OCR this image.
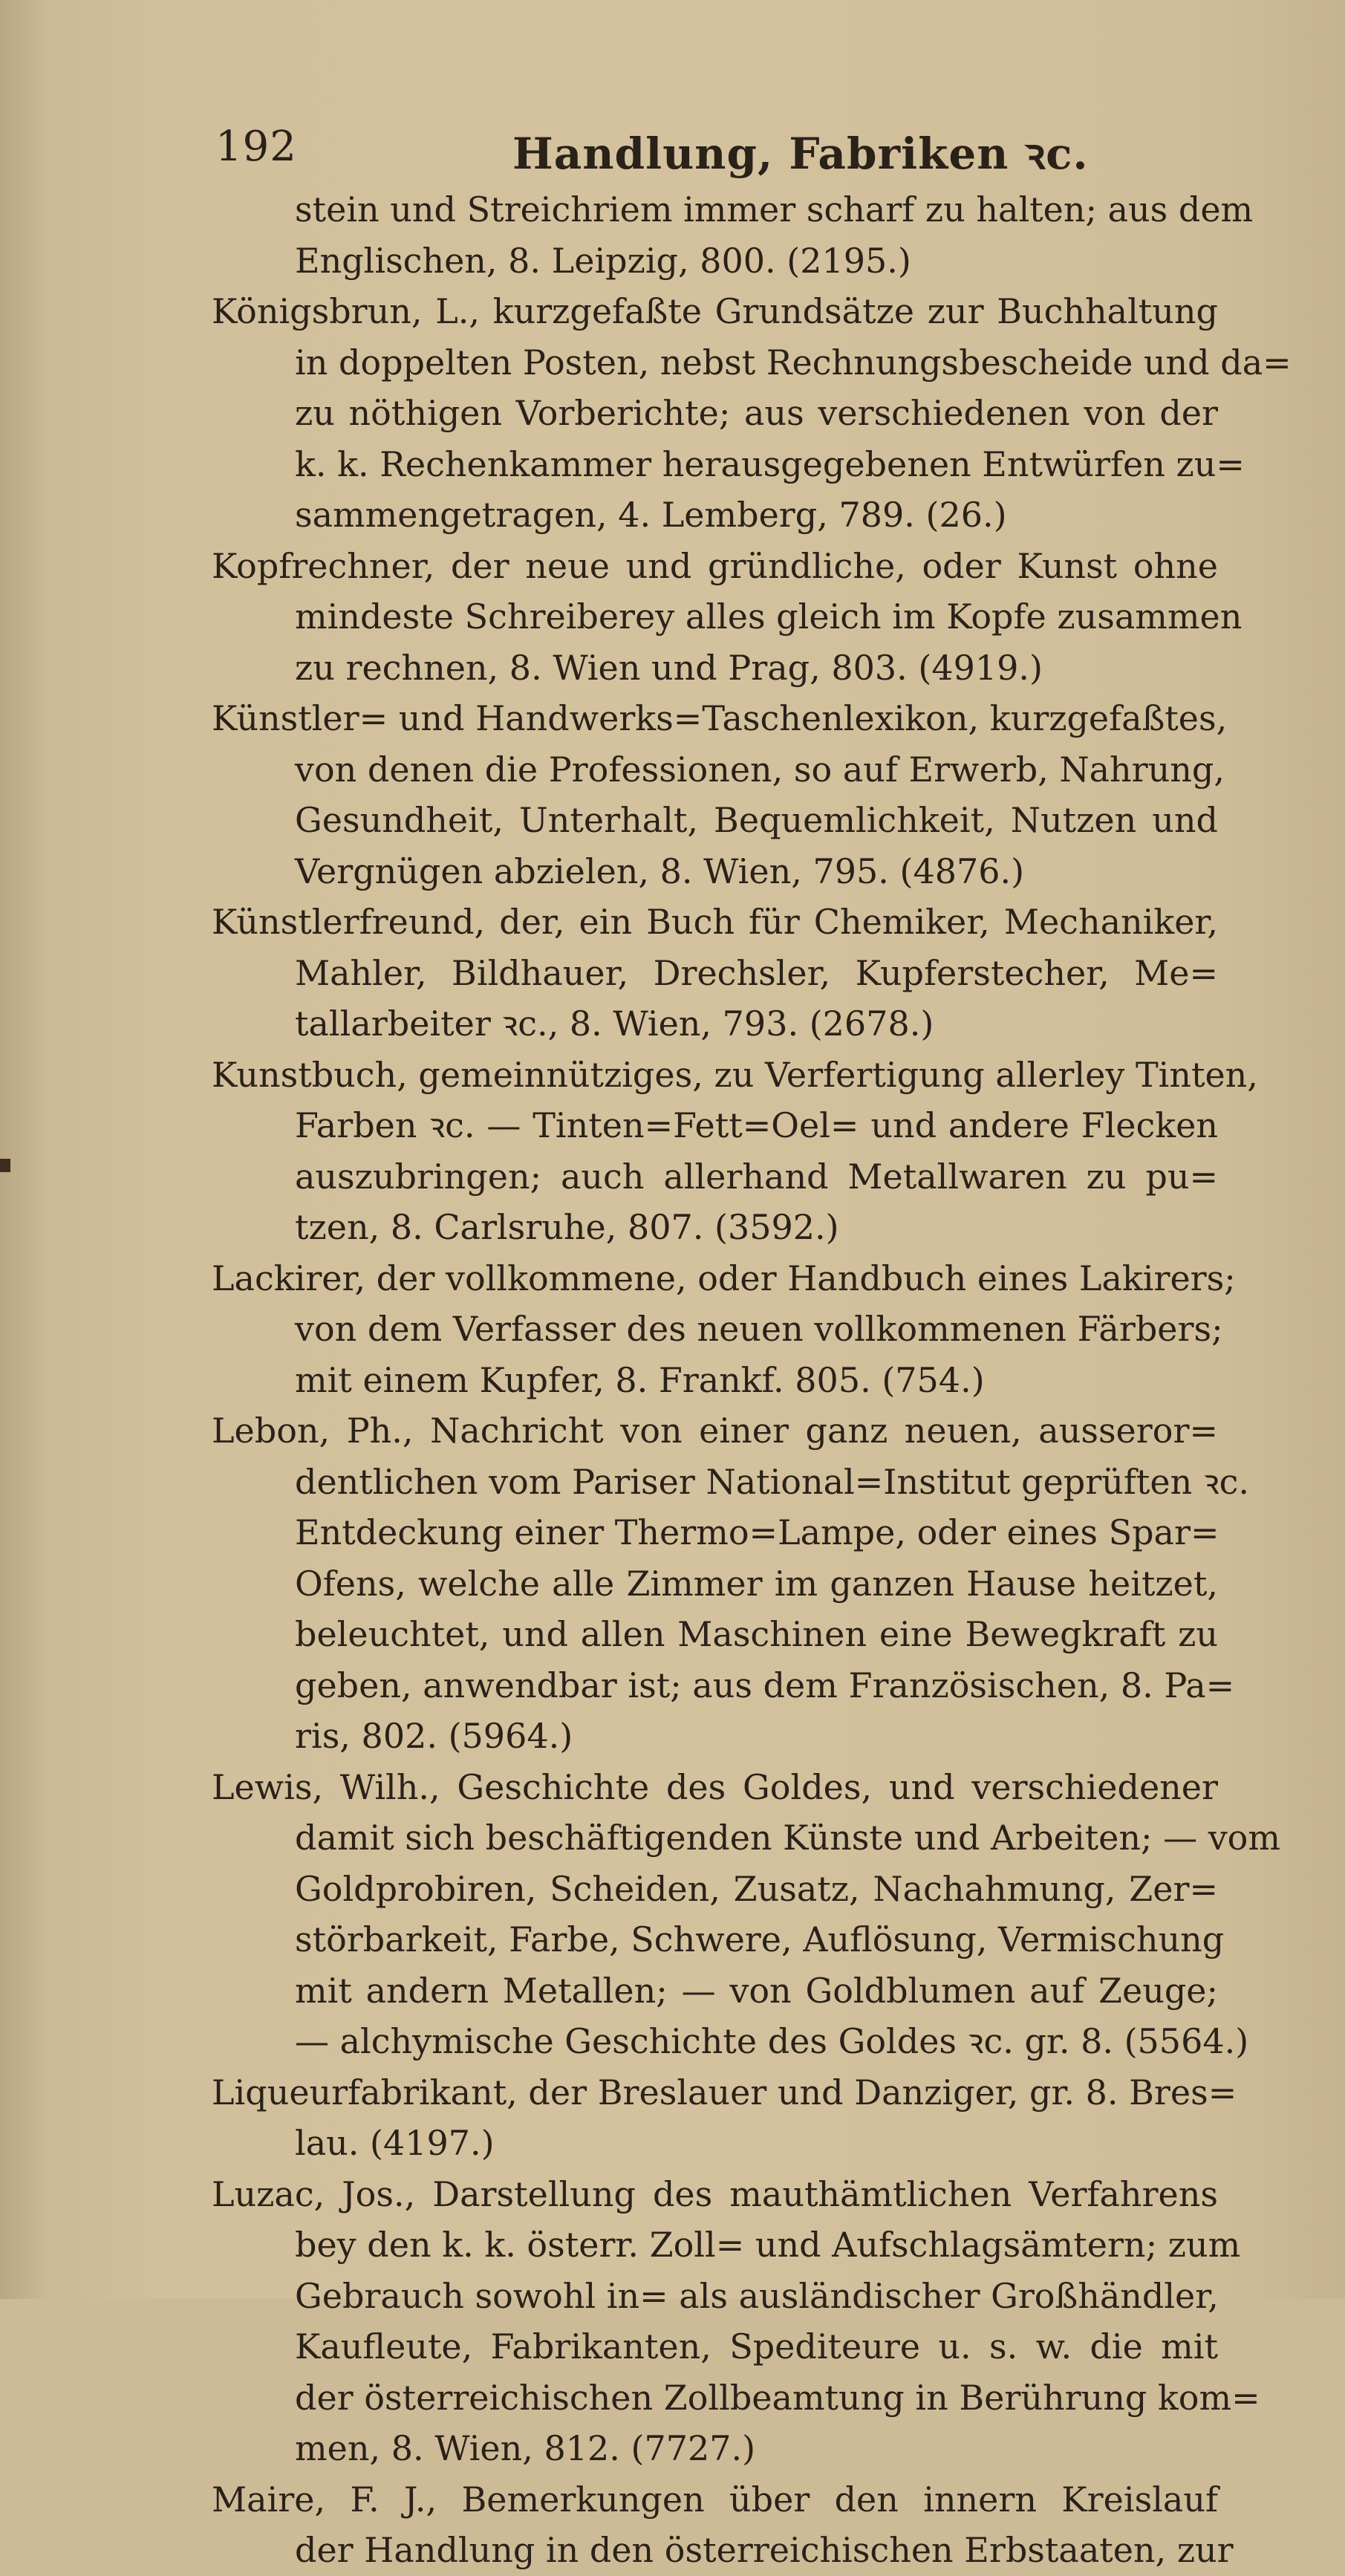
192	Handlung, Fabriken ꝛc.
stein und Streichriem immer scharf zu halten; aus dem
Englischen, 8. Leipzig, 800. (2195.)
Königsbrun, L., kurzgefaßte Grundsätze zur Buchhaltung
in doppelten Posten, nebst Rechnungsbescheide und da=
zu nöthigen Vorberichte; aus verschiedenen von der
k. k. Rechenkammer herausgegebenen Entwürfen zu=
sammengetragen, 4. Lemberg, 789. (26.)
Kopfrechner, der neue und gründliche, oder Kunst ohne
mindeste Schreiberey alles gleich im Kopfe zusammen
zu rechnen, 8. Wien und Prag, 803. (4919.)
Künstler= und Handwerks=Taschenlexikon, kurzgefaßtes,
von denen die Professionen, so auf Erwerb, Nahrung,
Gesundheit, Unterhalt, Bequemlichkeit, Nutzen und
Vergnügen abzielen, 8. Wien, 795. (4876.)
Künstlerfreund, der, ein Buch für Chemiker, Mechaniker,
Mahler, Bildhauer, Drechsler, Kupferstecher, Me=
tallarbeiter ꝛc., 8. Wien, 793. (2678.)
Kunstbuch, gemeinnütziges, zu Verfertigung allerley Tinten,
Farben ꝛc. — Tinten=Fett=Oel= und andere Flecken
auszubringen; auch allerhand Metallwaren zu pu=
tzen, 8. Carlsruhe, 807. (3592.)
Lackirer, der vollkommene, oder Handbuch eines Lakirers;
von dem Verfasser des neuen vollkommenen Färbers;
mit einem Kupfer, 8. Frankf. 805. (754.)
Lebon, Ph., Nachricht von einer ganz neuen, ausseror=
dentlichen vom Pariser National=Institut geprüften ꝛc.
Entdeckung einer Thermo=Lampe, oder eines Spar=
Ofens, welche alle Zimmer im ganzen Hause heitzet,
beleuchtet, und allen Maschinen eine Bewegkraft zu
geben, anwendbar ist; aus dem Französischen, 8. Pa=
ris, 802. (5964.)
Lewis, Wilh., Geschichte des Goldes, und verschiedener
damit sich beschäftigenden Künste und Arbeiten; — vom
Goldprobiren, Scheiden, Zusatz, Nachahmung, Zer=
störbarkeit, Farbe, Schwere, Auflösung, Vermischung
mit andern Metallen; — von Goldblumen auf Zeuge;
— alchymische Geschichte des Goldes ꝛc. gr. 8. (5564.)
Liqueurfabrikant, der Breslauer und Danziger, gr. 8. Bres=
lau. (4197.)
Luzac, Jos., Darstellung des mauthämtlichen Verfahrens
bey den k. k. österr. Zoll= und Aufschlagsämtern; zum
Gebrauch sowohl in= als ausländischer Großhändler,
Kaufleute, Fabrikanten, Spediteure u. s. w. die mit
der österreichischen Zollbeamtung in Berührung kom=
men, 8. Wien, 812. (7727.)
Maire, F. J., Bemerkungen über den innern Kreislauf
der Handlung in den österreichischen Erbstaaten, zur
